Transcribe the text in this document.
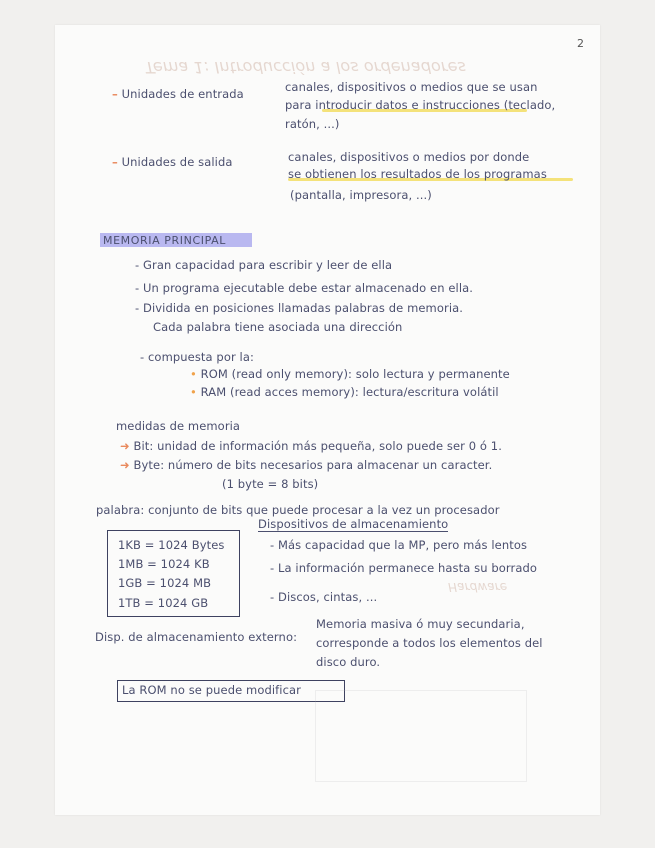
2
Tema 1: Introducción a los ordenadores
– Unidades de entrada	canales, dispositivos o medios que se usan
para introducir datos e instrucciones (teclado,
ratón, ...)
– Unidades de salida	canales, dispositivos o medios por donde
se obtienen los resultados de los programas
(pantalla, impresora, ...)
MEMORIA PRINCIPAL
- Gran capacidad para escribir y leer de ella
- Un programa ejecutable debe estar almacenado en ella.
- Dividida en posiciones llamadas palabras de memoria.
Cada palabra tiene asociada una dirección
- compuesta por la:
• ROM (read only memory): solo lectura y permanente
• RAM (read acces memory): lectura/escritura volátil
medidas de memoria
➜ Bit: unidad de información más pequeña, solo puede ser 0 ó 1.
➜ Byte: número de bits necesarios para almacenar un caracter.
(1 byte = 8 bits)
palabra: conjunto de bits que puede procesar a la vez un procesador
1KB = 1024 Bytes
1MB = 1024 KB
1GB = 1024 MB
1TB = 1024 GB
Dispositivos de almacenamiento
- Más capacidad que la MP, pero más lentos
- La información permanece hasta su borrado
- Discos, cintas, ...
Hardware
Disp. de almacenamiento externo:
Memoria masiva ó muy secundaria,
corresponde a todos los elementos del
disco duro.
La ROM no se puede modificar
